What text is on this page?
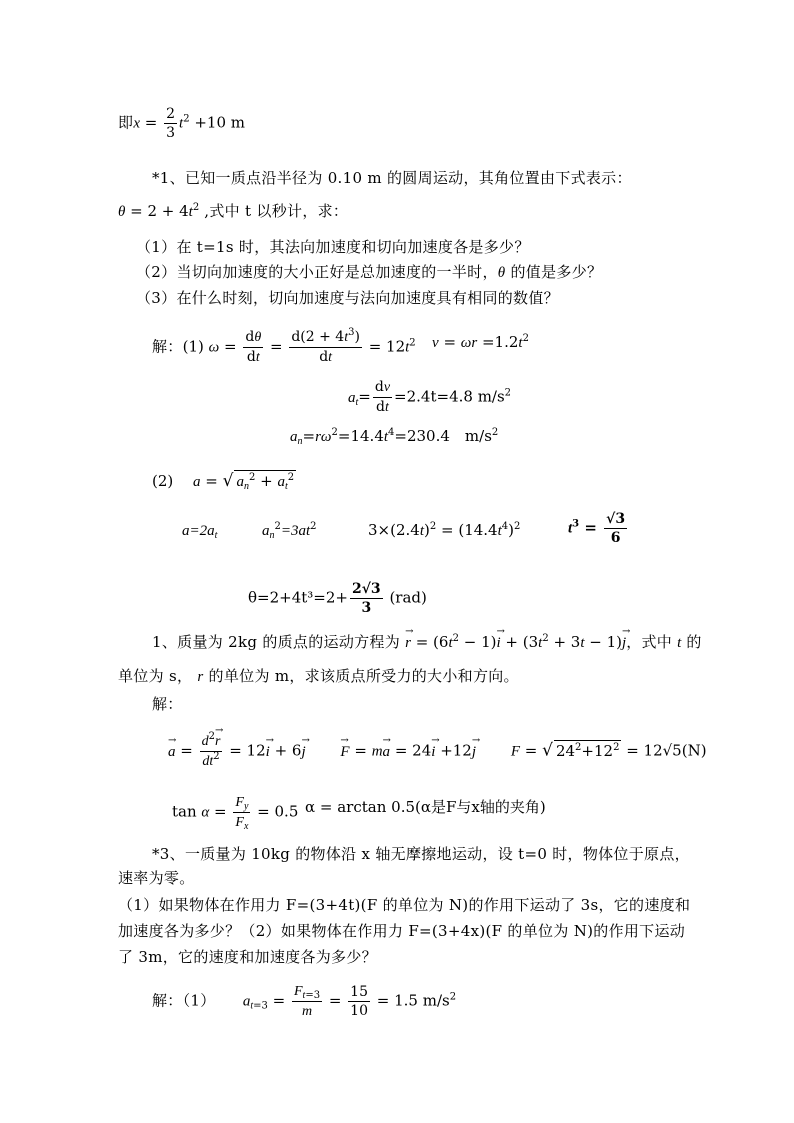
即$x = \frac{2}{3} t^2 +10$ m
*1、已知一质点沿半径为 0.10 m 的圆周运动，其角位置由下式表示：
$\theta = 2 + 4t^2$ ,式中 t 以秒计，求：
（1）在 t=1s 时，其法向加速度和切向加速度各是多少？
（2）当切向加速度的大小正好是总加速度的一半时，θ 的值是多少？
（3）在什么时刻，切向加速度与法向加速度具有相同的数值？
解：(1) $\omega = \frac{d\theta}{dt} = \frac{d(2 + 4t^3)}{dt} = 12t^2$ $\nu = \omega r =1.2t^2$
$a_t= \frac{dv}{dt} =2.4t=4.8$ $m/s^2$
$a_n=r\omega^2=14.4t^4=230.4$　$m/s^2$
(2)　 a = √ $a_n^2 + a_t^2$
$a=2a_t$	$a_n^2=3at^2$	$3\times(2.4t)^2 = (14.4t^4)^2$	$t^3 = \frac{√3}{6}$
$\theta=2+4t^3=2+ \frac{2√3}{3} (rad)$
1、质量为 2kg 的质点的运动方程为 → $r = (6t^2 - 1)\to i + (3t^2 + 3t - 1)\to j$，式中 t 的
单位为 s， r 的单位为 m，求该质点所受力的大小和方向。
解：
→ $a = \frac{d^2\to r}{dt^2} = 12\to i + 6\to j$ 　　→ F = m→ a = 24→ i +12→ j 　　 F = √ $24^2+12^2 = 12√5(N)$
$\tan \alpha = \frac{F_y}{F_x} = 0.5$ α = arctan 0.5(α是F与x轴的夹角)
*3、一质量为 10kg 的物体沿 x 轴无摩擦地运动，设 t=0 时，物体位于原点，
速率为零。
（1）如果物体在作用力 F=(3+4t)(F 的单位为 N)的作用下运动了 3s，它的速度和
加速度各为多少？（2）如果物体在作用力 F=(3+4x)(F 的单位为 N)的作用下运动
了 3m，它的速度和加速度各为多少？
解：（1）　　 $a_{t=3} = \frac{F_{t=3}}{m} = \frac{15}{10} = 1.5$ $m/s^2$
